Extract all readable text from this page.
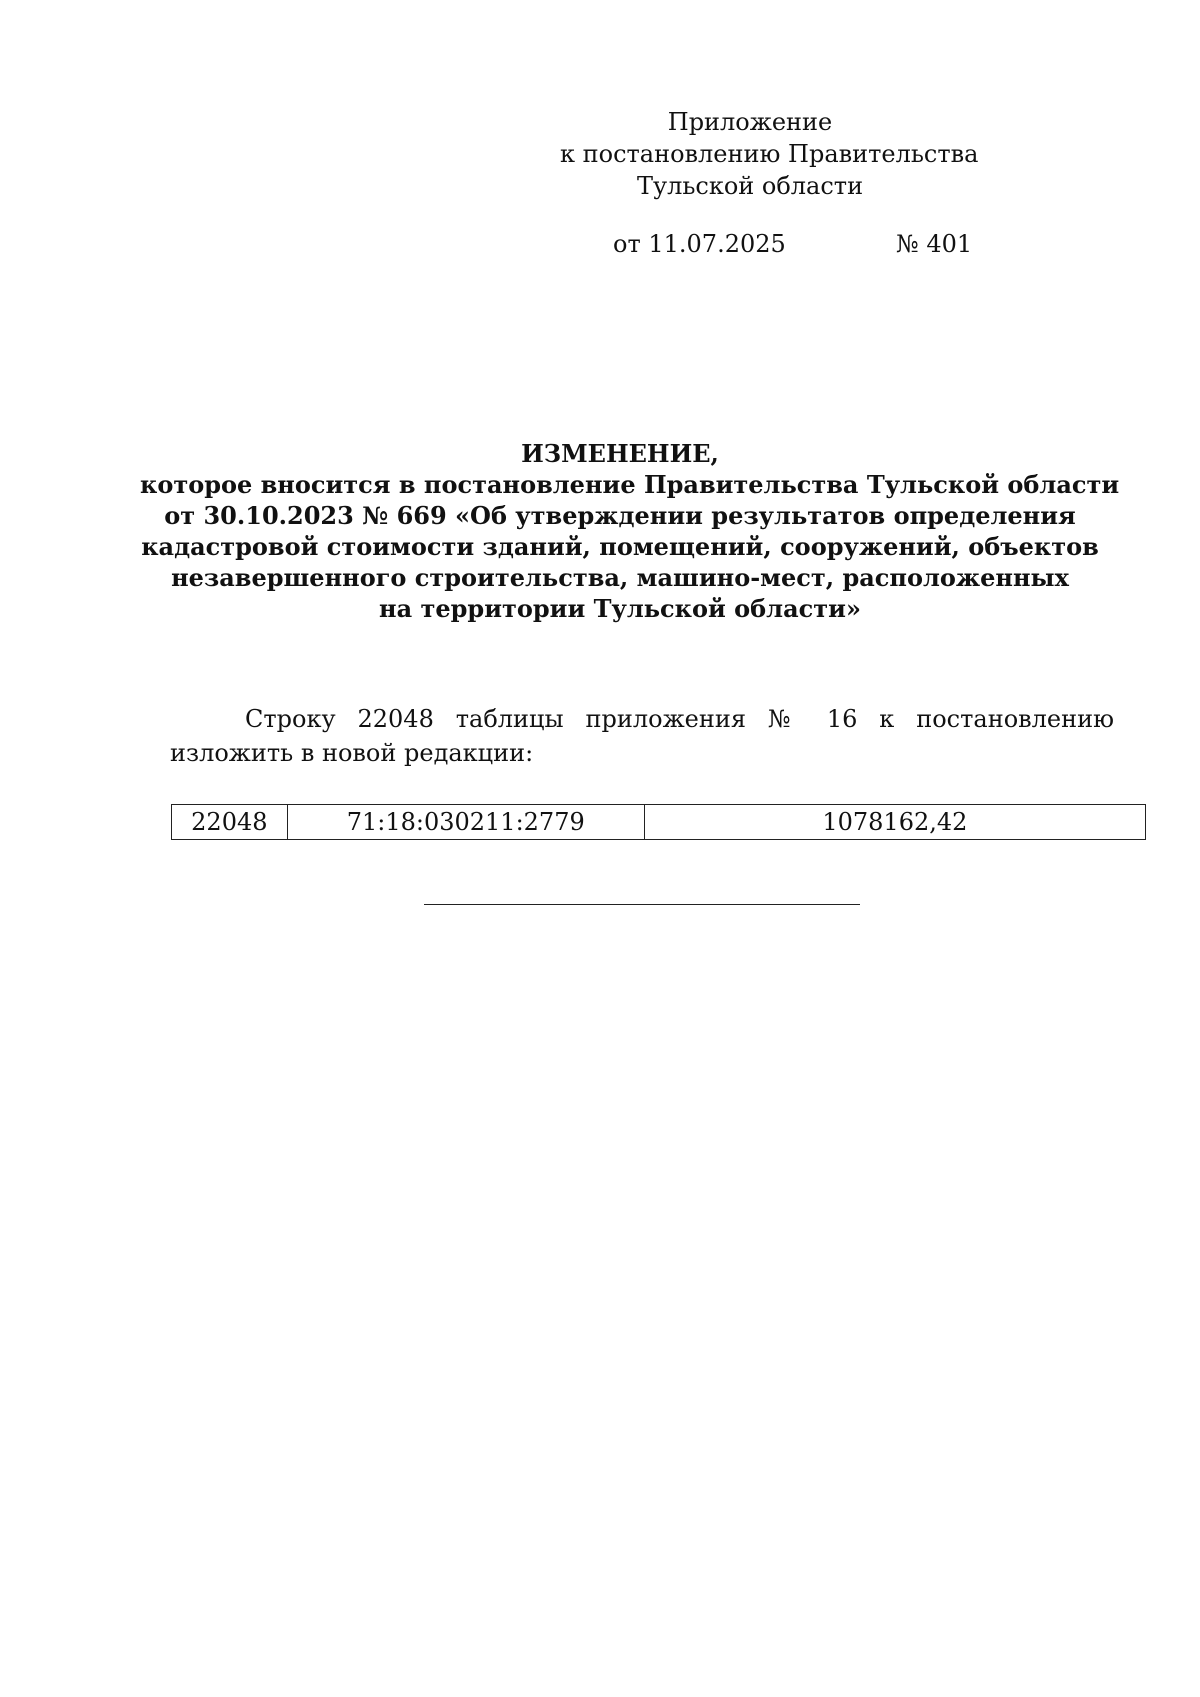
Приложение
к постановлению Правительства
Тульской области
от 11.07.2025	№ 401
ИЗМЕНЕНИЕ,
которое вносится в постановление Правительства Тульской области
от 30.10.2023 № 669 «Об утверждении результатов определения
кадастровой стоимости зданий, помещений, сооружений, объектов
незавершенного строительства, машино-мест, расположенных
на территории Тульской области»

Строку 22048 таблицы приложения № 16 к постановлению изложить в новой редакции:

22048	71:18:030211:2779	1078162,42
